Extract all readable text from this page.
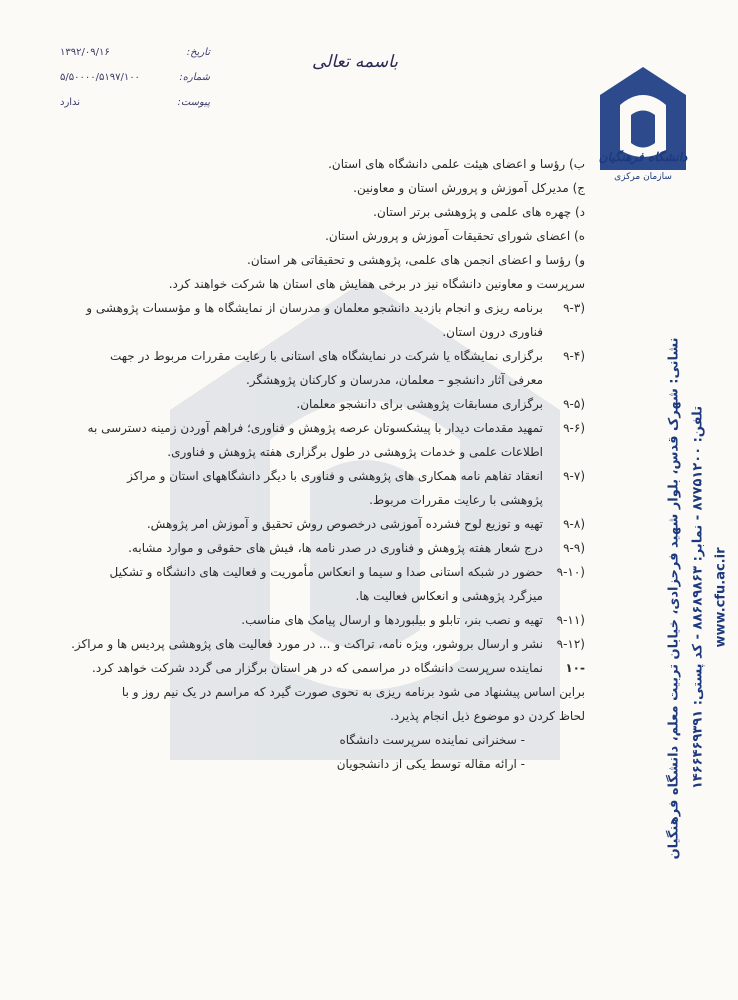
تاریخ:
۱۳۹۲/۰۹/۱۶
شماره:
۵/۵۰۰۰۰/۵۱۹۷/۱۰۰
پیوست:
ندارد
باسمه تعالی
دانشگاه فرهنگیان
سازمان مرکزی
نشانی: شهرک قدس، بلوار شهید فرحزادی، خیابان تربیت معلم، دانشگاه فرهنگیان تلفن: ۸۷۷۵۱۲۰۰ - نمابر: ۸۸۶۸۹۸۶۳ - کد پستی: ۱۴۶۶۴۶۹۳۹۱
www.cfu.ac.ir
ب) رؤسا و اعضای هیئت علمی دانشگاه های استان.
ج) مدیرکل آموزش و پرورش استان و معاونین.
د) چهره های علمی و پژوهشی برتر استان.
ه) اعضای شورای تحقیقات آموزش و پرورش استان.
و) رؤسا و اعضای انجمن های علمی، پژوهشی و تحقیقاتی هر استان.
سرپرست و معاونین دانشگاه نیز در برخی همایش های استان ها شرکت خواهند کرد.
۹-۳)
برنامه ریزی و انجام بازدید دانشجو معلمان و مدرسان از نمایشگاه ها و مؤسسات پژوهشی و
فناوری درون استان.
۹-۴)
برگزاری نمایشگاه یا شرکت در نمایشگاه های استانی با رعایت مقررات مربوط در جهت
معرفی آثار دانشجو – معلمان، مدرسان و کارکنان پژوهشگر.
۹-۵)
برگزاری مسابقات پژوهشی برای دانشجو معلمان.
۹-۶)
تمهید مقدمات دیدار با پیشکسوتان عرصه پژوهش و فناوری؛ فراهم آوردن زمینه دسترسی به
اطلاعات علمی و خدمات پژوهشی در طول برگزاری هفته پژوهش و فناوری.
۹-۷)
انعقاد تفاهم نامه همکاری های پژوهشی و فناوری با دیگر دانشگاههای استان و مراکز
پژوهشی با رعایت مقررات مربوط.
۹-۸)
تهیه و توزیع لوح فشرده آموزشی درخصوص روش تحقیق و آموزش امر پژوهش.
۹-۹)
درج شعار هفته پژوهش و فناوری در صدر نامه ها، فیش های حقوقی و موارد مشابه.
۹-۱۰)
حضور در شبکه استانی صدا و سیما و انعکاس مأموریت و فعالیت های دانشگاه و تشکیل
میزگرد پژوهشی و انعکاس فعالیت ها.
۹-۱۱)
تهیه و نصب بنر، تابلو و بیلبوردها و ارسال پیامک های مناسب.
۹-۱۲)
نشر و ارسال بروشور، ویژه نامه، تراکت و ... در مورد فعالیت های پژوهشی پردیس ها و مراکز.
۱۰-
نماینده سرپرست دانشگاه در مراسمی که در هر استان برگزار می گردد شرکت خواهد کرد.
براین اساس پیشنهاد می شود برنامه ریزی به نحوی صورت گیرد که مراسم در یک نیم روز و با
لحاظ کردن دو موضوع ذیل انجام پذیرد.
- سخنرانی نماینده سرپرست دانشگاه
- ارائه مقاله توسط یکی از دانشجویان
